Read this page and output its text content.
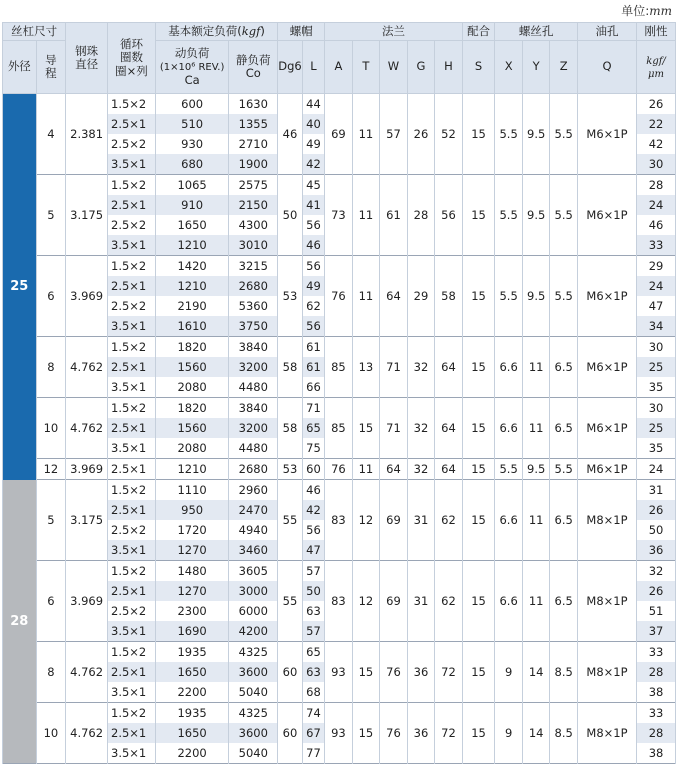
单位:mm
丝杠尺寸		钢珠直径	循环圈数圈×列	基本额定负荷(kgf)		螺帽		法兰					配合	螺丝孔			油孔	刚性
外径	导程			动负荷
(1×10⁶ REV.)
Ca	静负荷
Co	Dg6	L	A	T	W	G	H	S	X	Y	Z	Q	kgf/
μm
25	4	2.381	1.5×2	600	1630	46	44	69	11	57	26	52	15	5.5	9.5	5.5	M6×1P	26
			2.5×1	510	1355		40											22
			2.5×2	930	2710		49											42
			3.5×1	680	1900		42											30
	5	3.175	1.5×2	1065	2575	50	45	73	11	61	28	56	15	5.5	9.5	5.5	M6×1P	28
			2.5×1	910	2150		41											24
			2.5×2	1650	4300		56											46
			3.5×1	1210	3010		46											33
	6	3.969	1.5×2	1420	3215	53	56	76	11	64	29	58	15	5.5	9.5	5.5	M6×1P	29
			2.5×1	1210	2680		49											24
			2.5×2	2190	5360		62											47
			3.5×1	1610	3750		56											34
	8	4.762	1.5×2	1820	3840	58	61	85	13	71	32	64	15	6.6	11	6.5	M6×1P	30
			2.5×1	1560	3200		61											25
			3.5×1	2080	4480		66											35
	10	4.762	1.5×2	1820	3840	58	71	85	15	71	32	64	15	6.6	11	6.5	M6×1P	30
			2.5×1	1560	3200		65											25
			3.5×1	2080	4480		75											35
	12	3.969	2.5×1	1210	2680	53	60	76	11	64	32	64	15	5.5	9.5	5.5	M6×1P	24
28	5	3.175	1.5×2	1110	2960	55	46	83	12	69	31	62	15	6.6	11	6.5	M8×1P	31
			2.5×1	950	2470		42											26
			2.5×2	1720	4940		56											50
			3.5×1	1270	3460		47											36
	6	3.969	1.5×2	1480	3605	55	57	83	12	69	31	62	15	6.6	11	6.5	M8×1P	32
			2.5×1	1270	3000		50											26
			2.5×2	2300	6000		63											51
			3.5×1	1690	4200		57											37
	8	4.762	1.5×2	1935	4325	60	65	93	15	76	36	72	15	9	14	8.5	M8×1P	33
			2.5×1	1650	3600		63											28
			3.5×1	2200	5040		68											38
	10	4.762	1.5×2	1935	4325	60	74	93	15	76	36	72	15	9	14	8.5	M8×1P	33
			2.5×1	1650	3600		67											28
			3.5×1	2200	5040		77											38
